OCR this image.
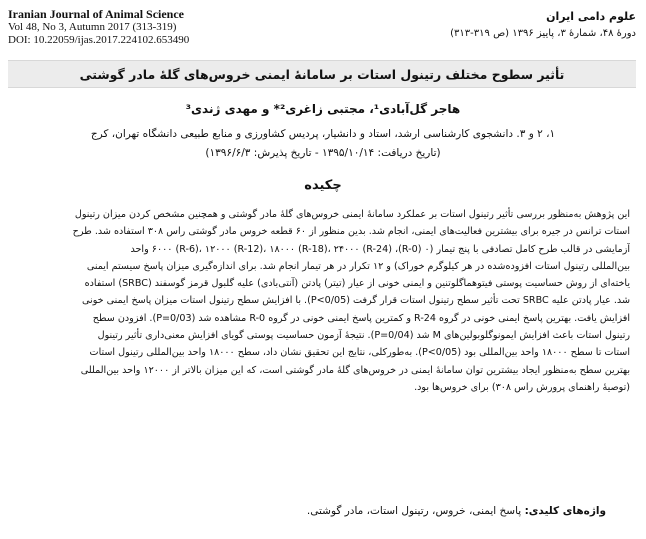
Iranian Journal of Animal Science
Vol 48, No 3, Autumn 2017 (313-319)
DOI: 10.22059/ijas.2017.224102.653490
علوم دامی ایران
دورۀ ۴۸، شمارۀ ۳، پاییز ۱۳۹۶ (ص ۳۱۹-۳۱۳)
تأثیر سطوح مختلف رتینول استات بر سامانۀ ایمنی خروس‌های گلۀ مادر گوشتی
هاجر گل‌آبادی¹، مجتبی زاغری²* و مهدی ژندی³
۱، ۲ و ۳. دانشجوی کارشناسی ارشد، استاد و دانشیار، پردیس کشاورزی و منابع طبیعی دانشگاه تهران، کرج
(تاریخ دریافت: ۱۳۹۵/۱۰/۱۴ - تاریخ پذیرش: ۱۳۹۶/۶/۳)
چکیده
این پژوهش به‌منظور بررسی تأثیر رتینول استات بر عملکرد سامانۀ ایمنی خروس‌های گلۀ مادر گوشتی و همچنین مشخص کردن میزان رتینول
استات ترانس در جیره برای بیشترین فعالیت‌های ایمنی، انجام شد. بدین منظور از ۶۰ قطعه خروس مادر گوشتی راس ۳۰۸ استفاده شد. طرح
آزمایشی در قالب طرح کامل تصادفی با پنج تیمار (۰ (R-0)، ۶۰۰۰ (R-6)، ۱۲۰۰۰ (R-12)، ۱۸۰۰۰ (R-18)، ۲۴۰۰۰ (R-24) واحد
بین‌المللی رتینول استات افزوده‌شده در هر کیلوگرم خوراک) و ۱۲ تکرار در هر تیمار انجام شد. برای اندازه‌گیری میزان پاسخ سیستم ایمنی
یاخته‌ای از روش حساسیت پوستی فیتوهماگلوتنین و ایمنی خونی از عیار (تیتر) پادتن (آنتی‌بادی) علیه گلبول قرمز گوسفند (SRBC) استفاده
شد. عیار پادتن علیه SRBC تحت تأثیر سطح رتینول استات قرار گرفت (P<0/05). با افزایش سطح رتینول استات میزان پاسخ ایمنی خونی
افزایش یافت. بهترین پاسخ ایمنی خونی در گروه R-24 و کمترین پاسخ ایمنی خونی در گروه R-0 مشاهده شد (P=0/03). افزودن سطح
رتینول استات باعث افزایش ایمونوگلوبولین‌های M شد (P=0/04). نتیجۀ آزمون حساسیت پوستی گویای افزایش معنی‌داری تأثیر رتینول
استات تا سطح ۱۸۰۰۰ واحد بین‌المللی بود (P<0/05). به‌طورکلی، نتایج این تحقیق نشان داد، سطح ۱۸۰۰۰ واحد بین‌المللی رتینول استات
بهترین سطح به‌منظور ایجاد بیشترین توان سامانۀ ایمنی در خروس‌های گلۀ مادر گوشتی است، که این میزان بالاتر از ۱۲۰۰۰ واحد بین‌المللی
(توصیۀ راهنمای پرورش راس ۳۰۸) برای خروس‌ها بود.
واژه‌های کلیدی: پاسخ ایمنی، خروس، رتینول استات، مادر گوشتی.
